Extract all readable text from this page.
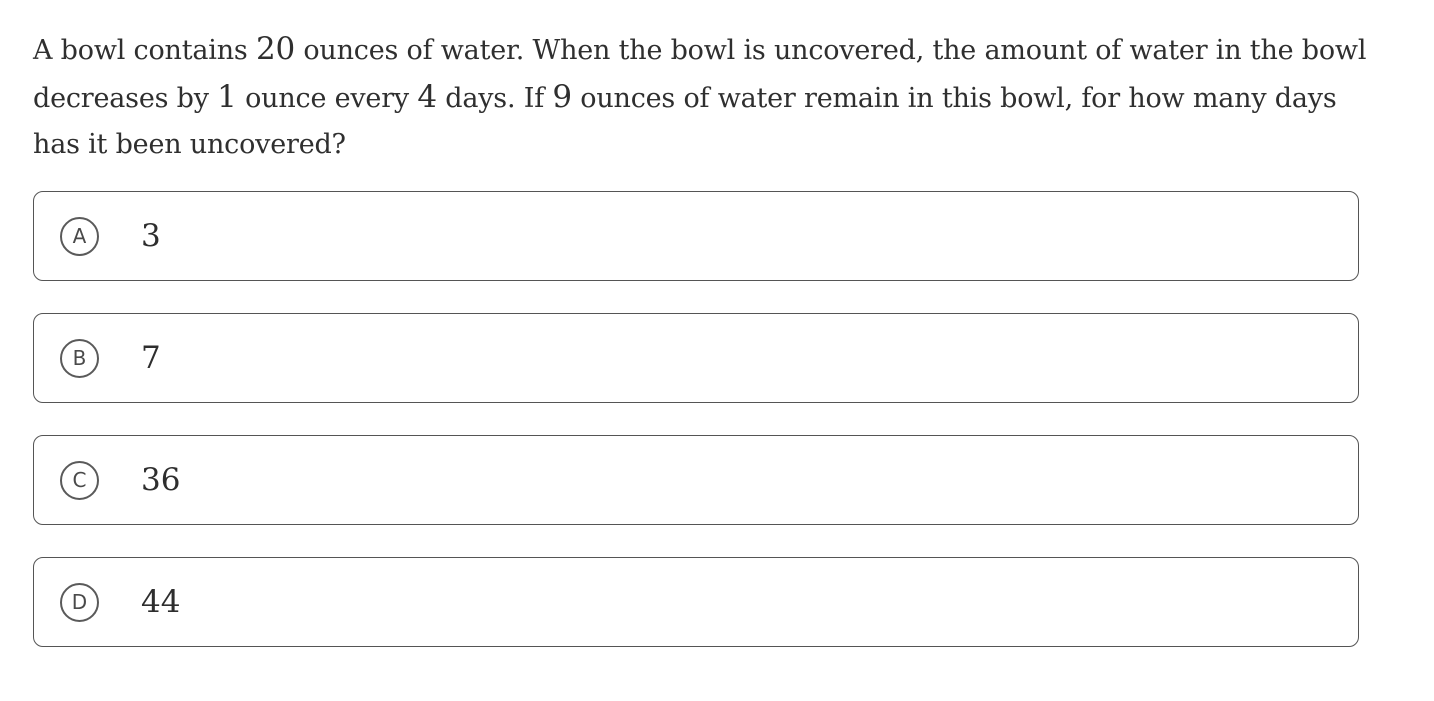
A bowl contains 20 ounces of water. When the bowl is uncovered, the amount of water in the bowl decreases by 1 ounce every 4 days. If 9 ounces of water remain in this bowl, for how many days has it been uncovered?

A	3
B	7
C	36
D	44
